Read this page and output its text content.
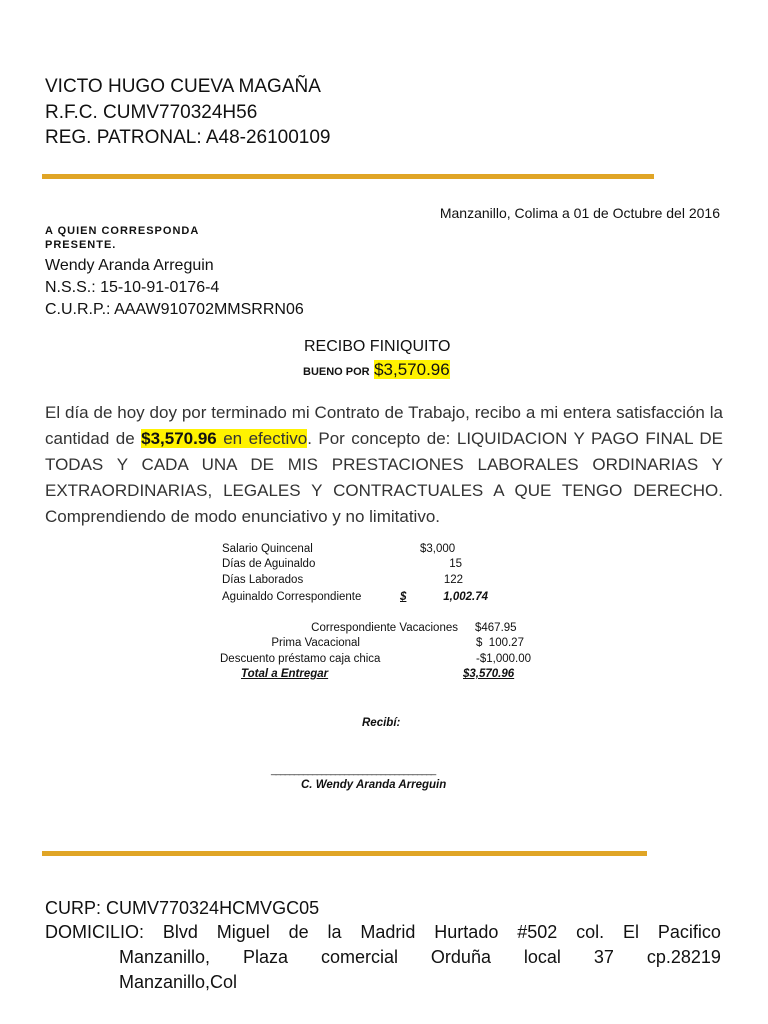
VICTO HUGO CUEVA MAGAÑA
R.F.C. CUMV770324H56
REG. PATRONAL: A48-26100109
Manzanillo, Colima a 01 de Octubre del 2016
A QUIEN CORRESPONDA
PRESENTE.
Wendy Aranda Arreguin
N.S.S.: 15-10-91-0176-4
C.U.R.P.: AAAW910702MMSRRN06
RECIBO FINIQUITO
BUENO POR $3,570.96
El día de hoy doy por terminado mi Contrato de Trabajo, recibo a mi entera satisfacción la cantidad de $3,570.96 en efectivo. Por concepto de: LIQUIDACION Y PAGO FINAL DE TODAS Y CADA UNA DE MIS PRESTACIONES LABORALES ORDINARIAS Y EXTRAORDINARIAS, LEGALES Y CONTRACTUALES A QUE TENGO DERECHO. Comprendiendo de modo enunciativo y no limitativo.
Salario Quincenal	$3,000
Días de Aguinaldo	15
Días Laborados	122
Aguinaldo Correspondiente	$	1,002.74
Correspondiente Vacaciones $467.95
Prima Vacacional	$ 100.27
Descuento préstamo caja chica	-$1,000.00
Total a Entregar	$3,570.96
Recibí:
____________________________________
C. Wendy Aranda Arreguin
CURP: CUMV770324HCMVGC05
DOMICILIO: Blvd Miguel de la Madrid Hurtado #502 col. El Pacifico
Manzanillo, Plaza comercial Orduña local 37 cp.28219
Manzanillo,Col
